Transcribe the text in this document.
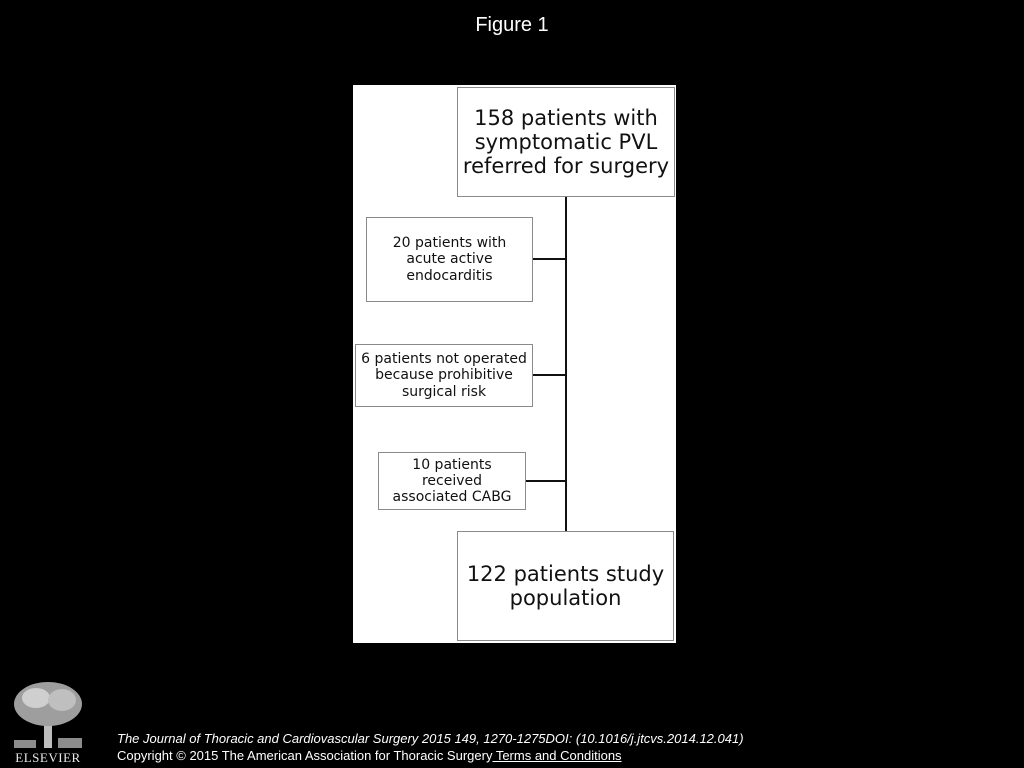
Figure 1
158 patients with symptomatic PVL referred for surgery
20 patients with acute active endocarditis
6 patients not operated because prohibitive surgical risk
10 patients received associated CABG
122 patients study population
ELSEVIER
The Journal of Thoracic and Cardiovascular Surgery 2015 149, 1270-1275DOI: (10.1016/j.jtcvs.2014.12.041)
Copyright © 2015 The American Association for Thoracic Surgery Terms and Conditions
